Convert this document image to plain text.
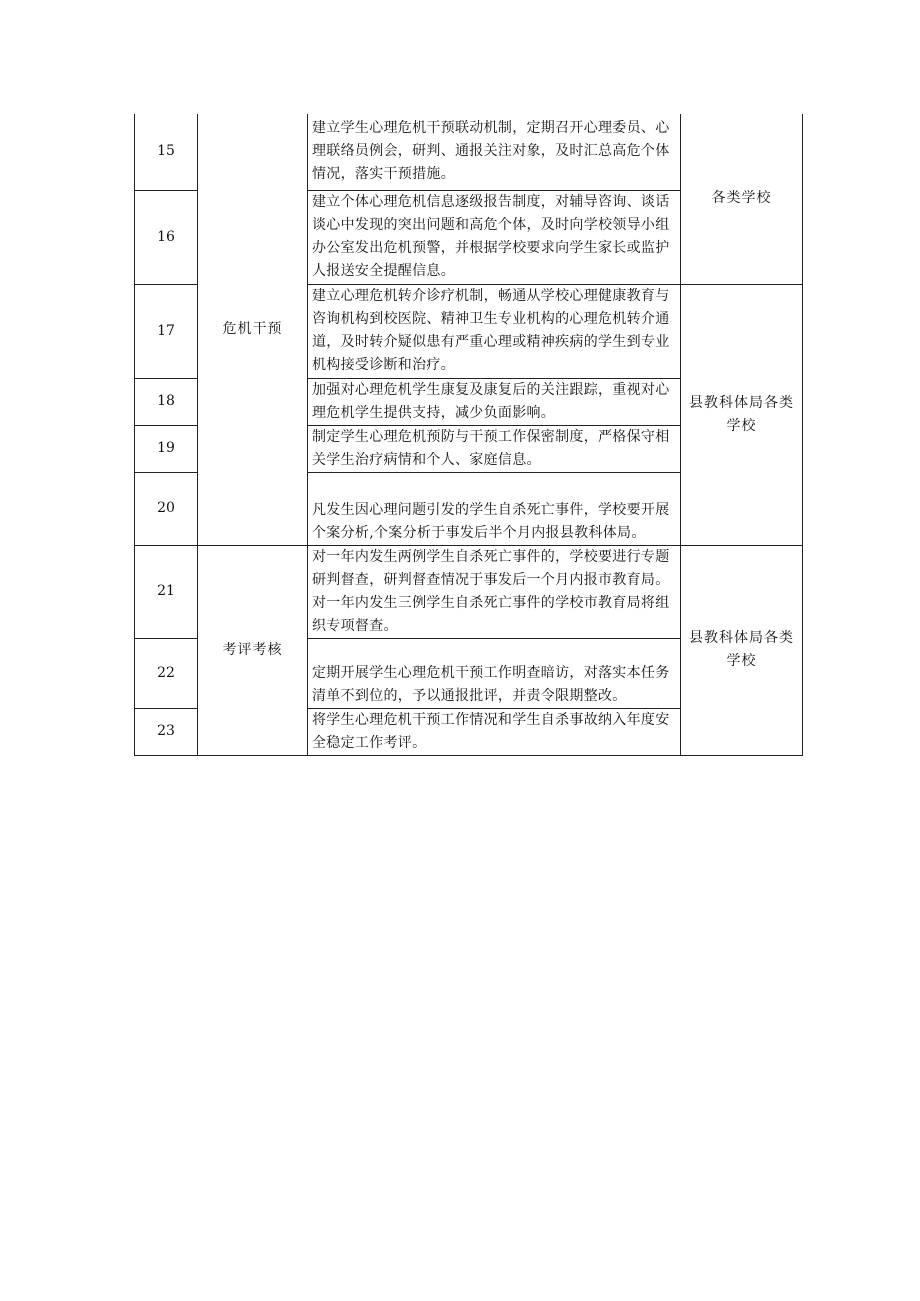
15	危机干预	建立学生心理危机干预联动机制，定期召开心理委员、心理联络员例会，研判、通报关注对象，及时汇总高危个体情况，落实干预措施。	各类学校
16		建立个体心理危机信息逐级报告制度，对辅导咨询、谈话谈心中发现的突出问题和高危个体，及时向学校领导小组办公室发出危机预警，并根据学校要求向学生家长或监护人报送安全提醒信息。	
17		建立心理危机转介诊疗机制，畅通从学校心理健康教育与咨询机构到校医院、精神卫生专业机构的心理危机转介通道，及时转介疑似患有严重心理或精神疾病的学生到专业机构接受诊断和治疗。	县教科体局各类学校
18		加强对心理危机学生康复及康复后的关注跟踪，重视对心理危机学生提供支持，减少负面影响。	
19		制定学生心理危机预防与干预工作保密制度，严格保守相关学生治疗病情和个人、家庭信息。	
20		凡发生因心理问题引发的学生自杀死亡事件，学校要开展个案分析,个案分析于事发后半个月内报县教科体局。	
21	考评考核	对一年内发生两例学生自杀死亡事件的，学校要进行专题研判督查，研判督查情况于事发后一个月内报市教育局。对一年内发生三例学生自杀死亡事件的学校市教育局将组织专项督查。	县教科体局各类学校
22		定期开展学生心理危机干预工作明查暗访，对落实本任务清单不到位的，予以通报批评，并责令限期整改。	
23		将学生心理危机干预工作情况和学生自杀事故纳入年度安全稳定工作考评。	
